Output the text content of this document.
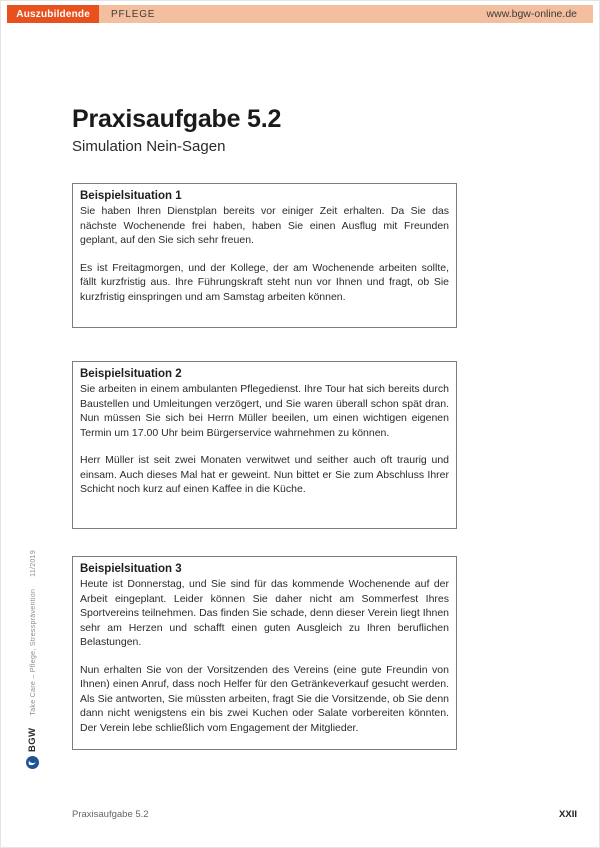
Auszubildende PFLEGE	www.bgw-online.de
Praxisaufgabe 5.2
Simulation Nein-Sagen
Beispielsituation 1

Sie haben Ihren Dienstplan bereits vor einiger Zeit erhalten. Da Sie das nächste Wochenende frei haben, haben Sie einen Ausflug mit Freunden geplant, auf den Sie sich sehr freuen.

Es ist Freitagmorgen, und der Kollege, der am Wochenende arbeiten sollte, fällt kurzfristig aus. Ihre Führungskraft steht nun vor Ihnen und fragt, ob Sie kurzfristig einspringen und am Samstag arbeiten können.

Beispielsituation 2

Sie arbeiten in einem ambulanten Pflegedienst. Ihre Tour hat sich bereits durch Baustellen und Umleitungen verzögert, und Sie waren überall schon spät dran. Nun müssen Sie sich bei Herrn Müller beeilen, um einen wichtigen eigenen Termin um 17.00 Uhr beim Bürgerservice wahrnehmen zu können.

Herr Müller ist seit zwei Monaten verwitwet und seither auch oft traurig und einsam. Auch dieses Mal hat er geweint. Nun bittet er Sie zum Abschluss Ihrer Schicht noch kurz auf einen Kaffee in die Küche.

Beispielsituation 3

Heute ist Donnerstag, und Sie sind für das kommende Wochenende auf der Arbeit eingeplant. Leider können Sie daher nicht am Sommerfest Ihres Sportvereins teilnehmen. Das finden Sie schade, denn dieser Verein liegt Ihnen sehr am Herzen und schafft einen guten Ausgleich zu Ihren beruflichen Belastungen.

Nun erhalten Sie von der Vorsitzenden des Vereins (eine gute Freundin von Ihnen) einen Anruf, dass noch Helfer für den Getränkeverkauf gesucht werden. Als Sie antworten, Sie müssten arbeiten, fragt Sie die Vorsitzende, ob Sie denn dann nicht wenigstens ein bis zwei Kuchen oder Salate vorbereiten könnten. Der Verein lebe schließlich vom Engagement der Mitglieder.

BGW
Take Care – Pflege, Stressprävention
11/2019
Praxisaufgabe 5.2	XXII
